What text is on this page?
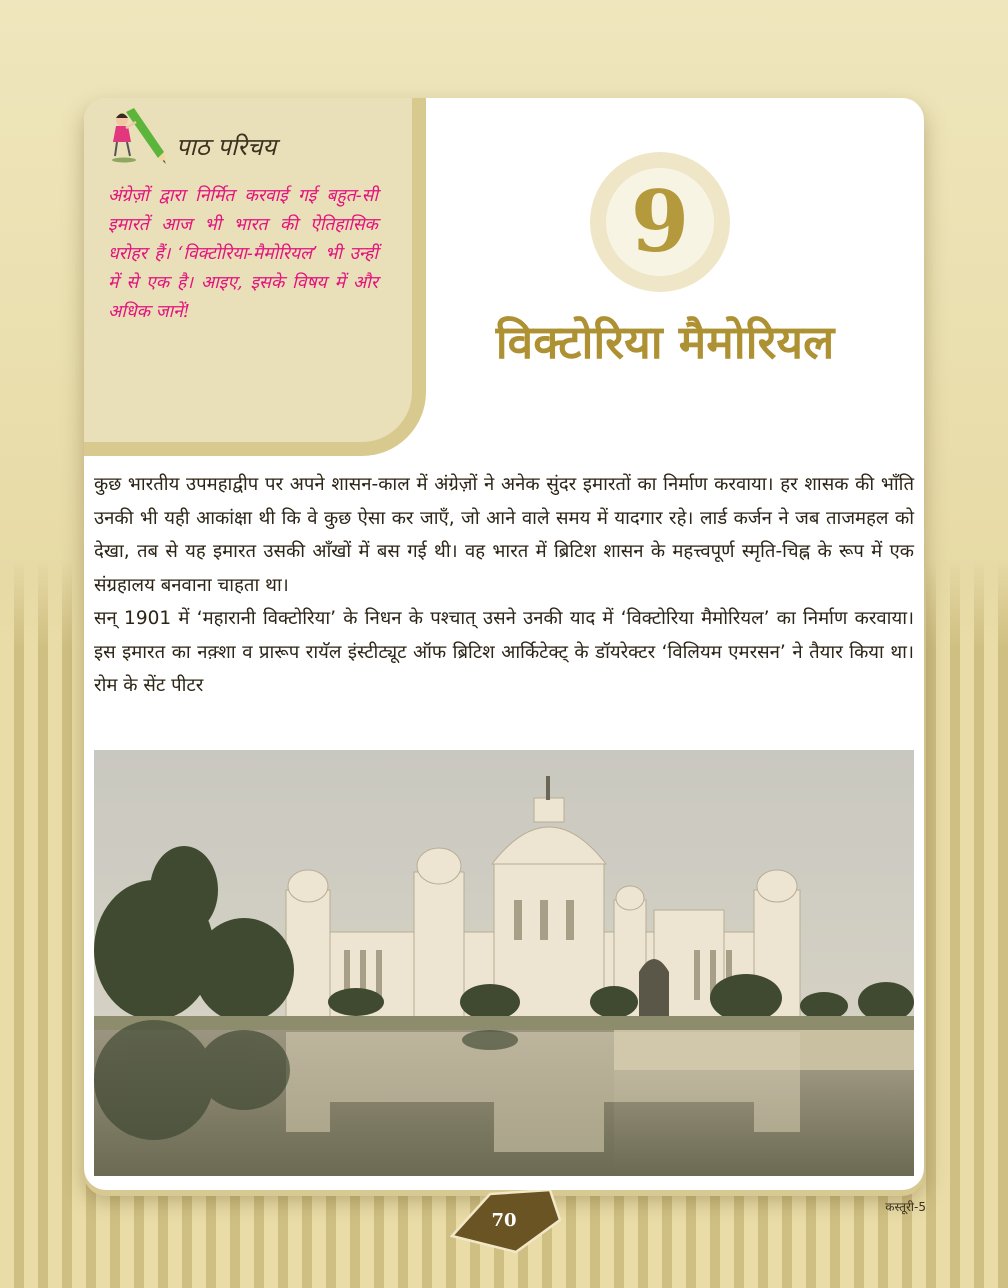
पाठ परिचय

अंग्रेज़ों द्वारा निर्मित करवाई गई बहुत-सी इमारतें आज भी भारत की ऐतिहासिक धरोहर हैं। ‘विक्टोरिया-मैमोरियल’ भी उन्हीं में से एक है। आइए, इसके विषय में और अधिक जानें!

9
विक्टोरिया मैमोरियल

कुछ भारतीय उपमहाद्वीप पर अपने शासन-काल में अंग्रेज़ों ने अनेक सुंदर इमारतों का निर्माण करवाया। हर शासक की भाँति उनकी भी यही आकांक्षा थी कि वे कुछ ऐसा कर जाएँ, जो आने वाले समय में यादगार रहे। लार्ड कर्जन ने जब ताजमहल को देखा, तब से यह इमारत उसकी आँखों में बस गई थी। वह भारत में ब्रिटिश शासन के महत्त्वपूर्ण स्मृति-चिह्न के रूप में एक संग्रहालय बनवाना चाहता था।

सन् 1901 में ‘महारानी विक्टोरिया’ के निधन के पश्चात् उसने उनकी याद में ‘विक्टोरिया मैमोरियल’ का निर्माण करवाया। इस इमारत का नक़्शा व प्रारूप रायॅल इंस्टीट्यूट ऑफ ब्रिटिश आर्किटेक्ट् के डॉयरेक्टर ‘विलियम एमरसन’ ने तैयार किया था। रोम के सेंट पीटर

70
कस्तूरी-5
